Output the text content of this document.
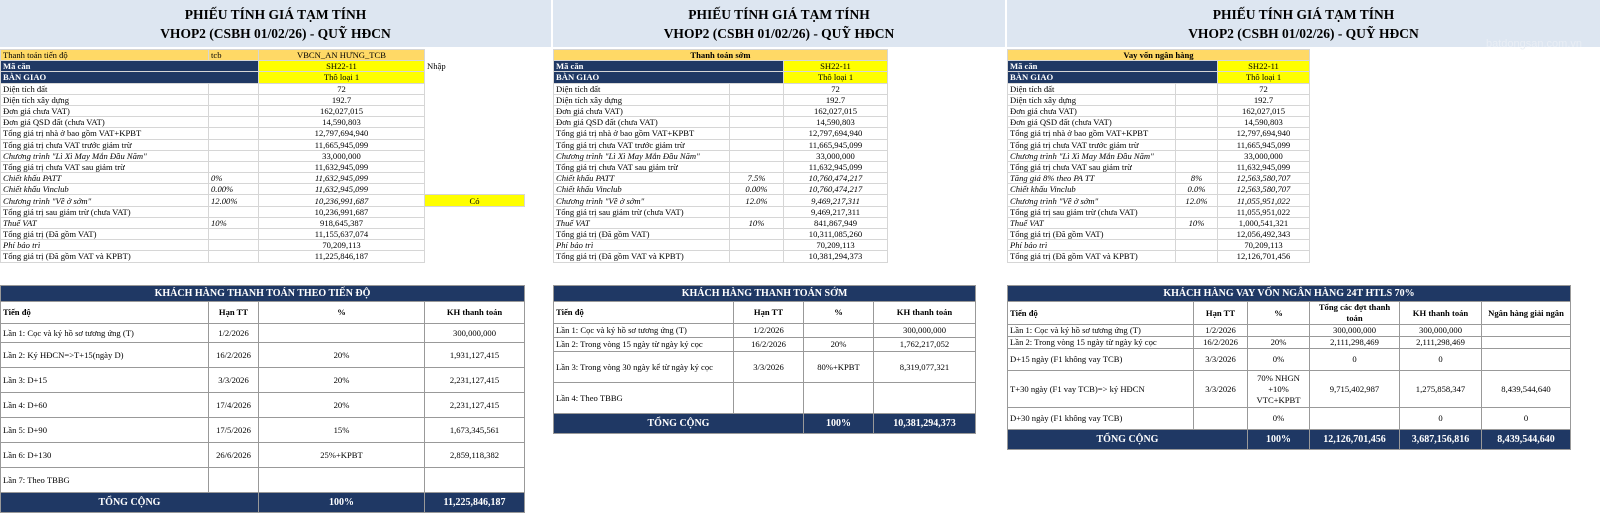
PHIẾU TÍNH GIÁ TẠM TÍNH
VHOP2 (CSBH 01/02/26) - QUỸ HĐCN
Thanh toán tiến độ	tcb	VBCN_AN HƯNG_TCB	
Mã căn		SH22-11	Nhập
BÀN GIAO		Thô loại 1	
Diện tích đất		72	
Diện tích xây dựng		192.7	
Đơn giá chưa VAT)		162,027,015	
Đơn giá QSD đất (chưa VAT)		14,590,803	
Tổng giá trị nhà ở bao gồm VAT+KPBT		12,797,694,940	
Tổng giá trị chưa VAT trước giảm trừ		11,665,945,099	
Chương trình "Lì Xì May Mắn Đầu Năm"		33,000,000	
Tổng giá trị chưa VAT sau giảm trừ		11,632,945,099	
Chiết khấu PATT	0%	11,632,945,099	
Chiết khấu Vinclub	0.00%	11,632,945,099	
Chương trình "Về ở sớm"	12.00%	10,236,991,687	Có
Tổng giá trị sau giảm trừ (chưa VAT)		10,236,991,687	
Thuế VAT	10%	918,645,387	
Tổng giá trị (Đã gồm VAT)		11,155,637,074	
Phí bảo trì		70,209,113	
Tổng giá trị (Đã gồm VAT và KPBT)		11,225,846,187	
KHÁCH HÀNG THANH TOÁN THEO TIẾN ĐỘ			
Tiến độ	Hạn TT	%	KH thanh toán
Lần 1: Cọc và ký hồ sơ tương ứng (T)	1/2/2026		300,000,000
Lần 2: Ký HĐCN=>T+15(ngày D)	16/2/2026	20%	1,931,127,415
Lần 3: D+15	3/3/2026	20%	2,231,127,415
Lần 4: D+60	17/4/2026	20%	2,231,127,415
Lần 5: D+90	17/5/2026	15%	1,673,345,561
Lần 6: D+130	26/6/2026	25%+KPBT	2,859,118,382
Lần 7: Theo TBBG			
TỔNG CỘNG		100%	11,225,846,187
PHIẾU TÍNH GIÁ TẠM TÍNH
VHOP2 (CSBH 01/02/26) - QUỸ HĐCN
Thanh toán sớm		
Mã căn		SH22-11
BÀN GIAO		Thô loại 1
Diện tích đất		72
Diện tích xây dựng		192.7
Đơn giá chưa VAT)		162,027,015
Đơn giá QSD đất (chưa VAT)		14,590,803
Tổng giá trị nhà ở bao gồm VAT+KPBT		12,797,694,940
Tổng giá trị chưa VAT trước giảm trừ		11,665,945,099
Chương trình "Lì Xì May Mắn Đầu Năm"		33,000,000
Tổng giá trị chưa VAT sau giảm trừ		11,632,945,099
Chiết khấu PATT	7.5%	10,760,474,217
Chiết khấu Vinclub	0.00%	10,760,474,217
Chương trình "Về ở sớm"	12.0%	9,469,217,311
Tổng giá trị sau giảm trừ (chưa VAT)		9,469,217,311
Thuế VAT	10%	841,867,949
Tổng giá trị (Đã gồm VAT)		10,311,085,260
Phí bảo trì		70,209,113
Tổng giá trị (Đã gồm VAT và KPBT)		10,381,294,373
KHÁCH HÀNG THANH TOÁN SỚM			
Tiến độ	Hạn TT	%	KH thanh toán
Lần 1: Cọc và ký hồ sơ tương ứng (T)	1/2/2026		300,000,000
Lần 2: Trong vòng 15 ngày từ ngày ký cọc	16/2/2026	20%	1,762,217,052
Lần 3: Trong vòng 30 ngày kể từ ngày ký cọc	3/3/2026	80%+KPBT	8,319,077,321
Lần 4: Theo TBBG			
TỔNG CỘNG		100%	10,381,294,373
PHIẾU TÍNH GIÁ TẠM TÍNH
VHOP2 (CSBH 01/02/26) - QUỸ HĐCN
batdongsan.com.vn
Vay vốn ngân hàng		
Mã căn		SH22-11
BÀN GIAO		Thô loại 1
Diện tích đất		72
Diện tích xây dựng		192.7
Đơn giá chưa VAT)		162,027,015
Đơn giá QSD đất (chưa VAT)		14,590,803
Tổng giá trị nhà ở bao gồm VAT+KPBT		12,797,694,940
Tổng giá trị chưa VAT trước giảm trừ		11,665,945,099
Chương trình "Lì Xì May Mắn Đầu Năm"		33,000,000
Tổng giá trị chưa VAT sau giảm trừ		11,632,945,099
Tăng giá 8% theo PA TT	8%	12,563,580,707
Chiết khấu Vinclub	0.0%	12,563,580,707
Chương trình "Về ở sớm"	12.0%	11,055,951,022
Tổng giá trị sau giảm trừ (chưa VAT)		11,055,951,022
Thuế VAT	10%	1,000,541,321
Tổng giá trị (Đã gồm VAT)		12,056,492,343
Phí bảo trì		70,209,113
Tổng giá trị (Đã gồm VAT và KPBT)		12,126,701,456
KHÁCH HÀNG VAY VỐN NGÂN HÀNG 24T HTLS 70%					
Tiến độ	Hạn TT	%	Tổng các đợt thanh toán	KH thanh toán	Ngân hàng giải ngân
Lần 1: Cọc và ký hồ sơ tương ứng (T)	1/2/2026		300,000,000	300,000,000	
Lần 2: Trong vòng 15 ngày từ ngày ký cọc	16/2/2026	20%	2,111,298,469	2,111,298,469	
D+15 ngày (F1 không vay TCB)	3/3/2026	0%	0	0	
T+30 ngày (F1 vay TCB)=> ký HĐCN	3/3/2026	70% NHGN +10% VTC+KPBT	9,715,402,987	1,275,858,347	8,439,544,640
D+30 ngày (F1 không vay TCB)		0%		0	0
TỔNG CỘNG		100%	12,126,701,456	3,687,156,816	8,439,544,640
